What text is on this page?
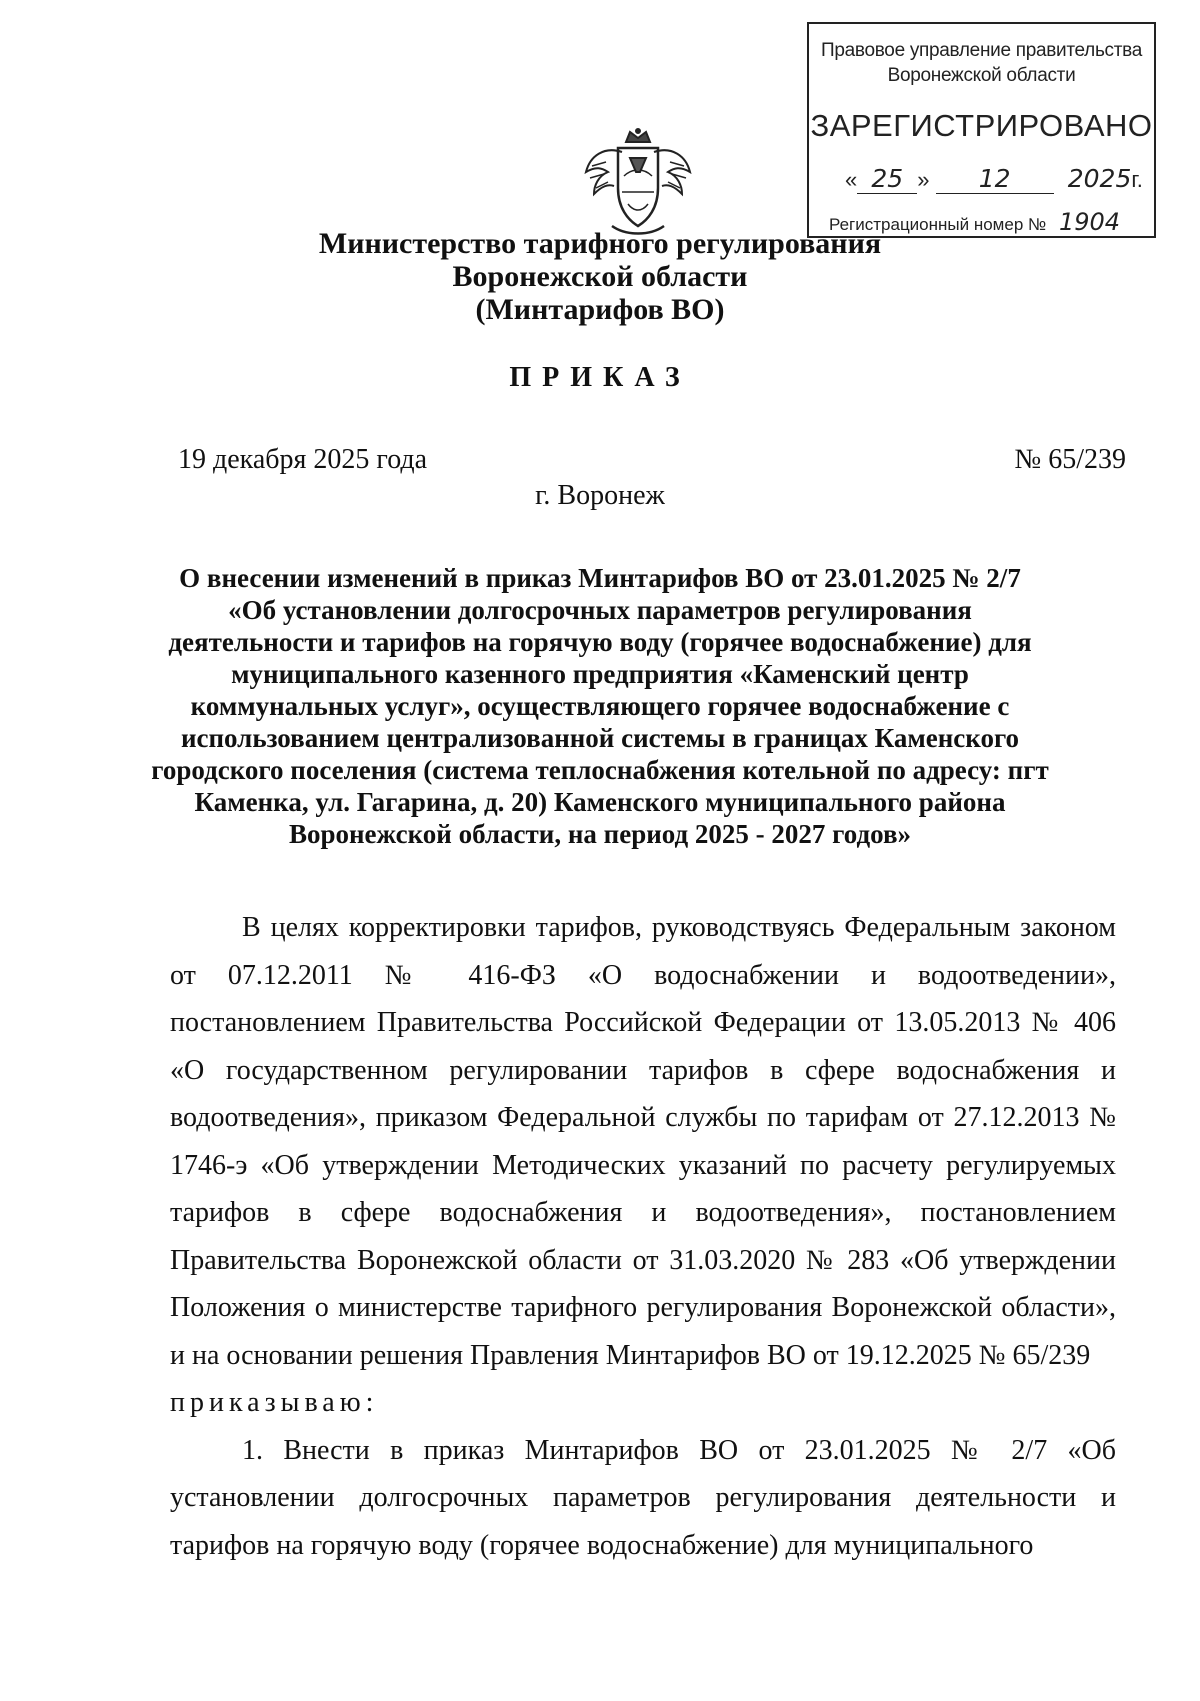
Правовое управление правительства
Воронежской области
ЗАРЕГИСТРИРОВАНО
« 25 » 12 2025г.
Регистрационный номер № 1904
Министерство тарифного регулирования
Воронежской области
(Минтарифов ВО)
ПРИКАЗ
19 декабря 2025 года	№ 65/239
г. Воронеж
О внесении изменений в приказ Минтарифов ВО от 23.01.2025 № 2/7
«Об установлении долгосрочных параметров регулирования
деятельности и тарифов на горячую воду (горячее водоснабжение) для
муниципального казенного предприятия «Каменский центр
коммунальных услуг», осуществляющего горячее водоснабжение с
использованием централизованной системы в границах Каменского
городского поселения (система теплоснабжения котельной по адресу: пгт
Каменка, ул. Гагарина, д. 20) Каменского муниципального района
Воронежской области, на период 2025 - 2027 годов»

В целях корректировки тарифов, руководствуясь Федеральным законом от 07.12.2011 № 416-ФЗ «О водоснабжении и водоотведении», постановлением Правительства Российской Федерации от 13.05.2013 № 406 «О государственном регулировании тарифов в сфере водоснабжения и водоотведения», приказом Федеральной службы по тарифам от 27.12.2013 № 1746-э «Об утверждении Методических указаний по расчету регулируемых тарифов в сфере водоснабжения и водоотведения», постановлением Правительства Воронежской области от 31.03.2020 № 283 «Об утверждении Положения о министерстве тарифного регулирования Воронежской области», и на основании решения Правления Минтарифов ВО от 19.12.2025 № 65/239

приказываю:

1. Внести в приказ Минтарифов ВО от 23.01.2025 № 2/7 «Об установлении долгосрочных параметров регулирования деятельности и тарифов на горячую воду (горячее водоснабжение) для муниципального
